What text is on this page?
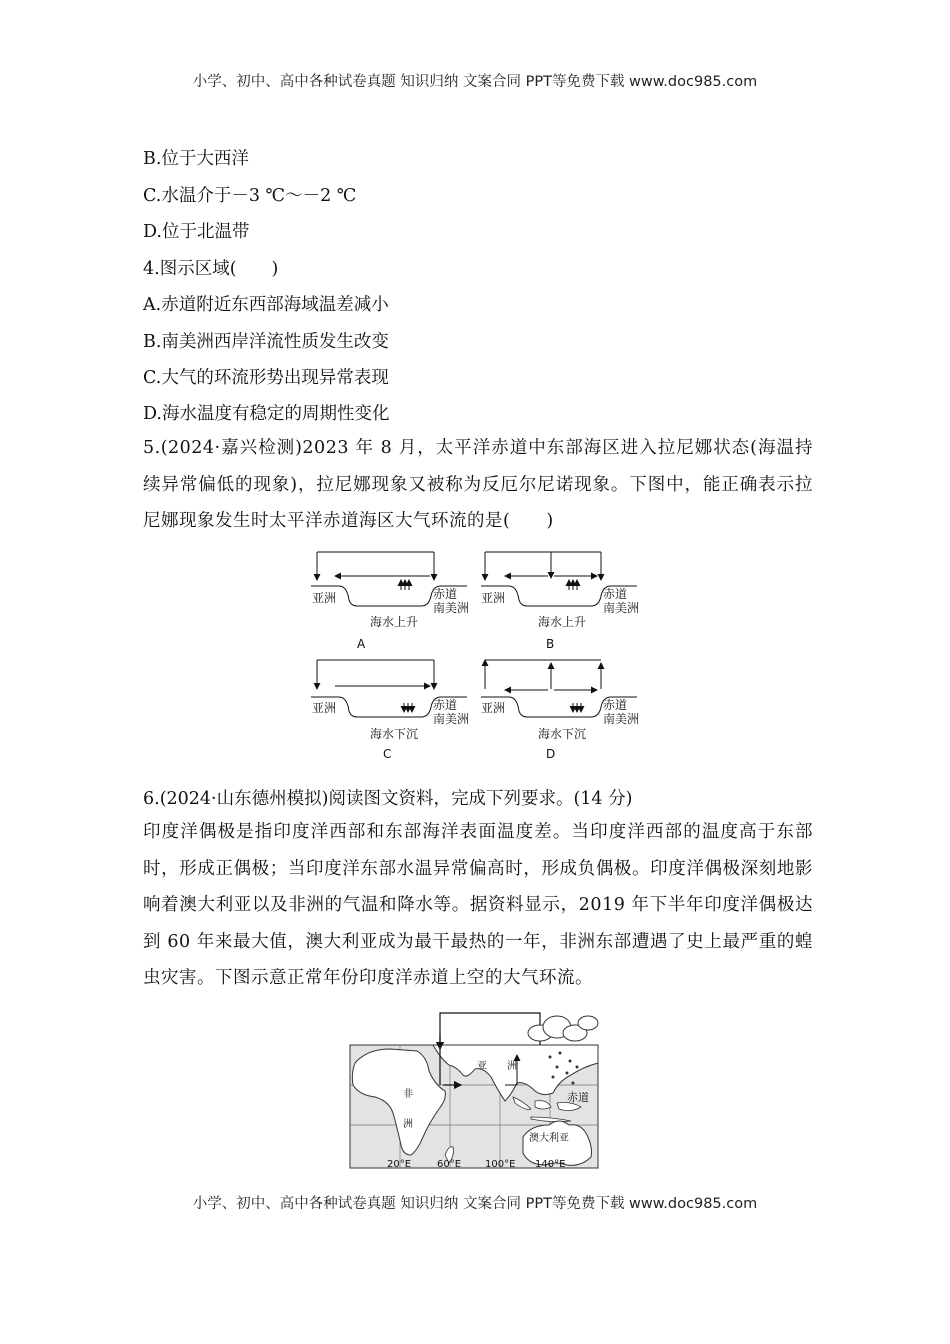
小学、初中、高中各种试卷真题 知识归纳 文案合同 PPT等免费下载 www.doc985.com
B.位于大西洋
C.水温介于－3 ℃～－2 ℃
D.位于北温带
4.图示区域(　　)
A.赤道附近东西部海域温差减小
B.南美洲西岸洋流性质发生改变
C.大气的环流形势出现异常表现
D.海水温度有稳定的周期性变化
5.(2024·嘉兴检测)2023 年 8 月，太平洋赤道中东部海区进入拉尼娜状态(海温持续异常偏低的现象)，拉尼娜现象又被称为反厄尔尼诺现象。下图中，能正确表示拉尼娜现象发生时太平洋赤道海区大气环流的是(　　)
亚洲	赤道
南美洲
海水上升
A
亚洲	赤道
南美洲
海水上升
B
亚洲	赤道
南美洲
海水下沉
C
亚洲	赤道
南美洲
海水下沉
D
6.(2024·山东德州模拟)阅读图文资料，完成下列要求。(14 分)
印度洋偶极是指印度洋西部和东部海洋表面温度差。当印度洋西部的温度高于东部时，形成正偶极；当印度洋东部水温异常偏高时，形成负偶极。印度洋偶极深刻地影响着澳大利亚以及非洲的气温和降水等。据资料显示，2019 年下半年印度洋偶极达到 60 年来最大值，澳大利亚成为最干最热的一年，非洲东部遭遇了史上最严重的蝗虫灾害。下图示意正常年份印度洋赤道上空的大气环流。
亚 洲
非
洲
赤道
澳大利亚
20°E	60°E 100°E 140°E
小学、初中、高中各种试卷真题 知识归纳 文案合同 PPT等免费下载 www.doc985.com
